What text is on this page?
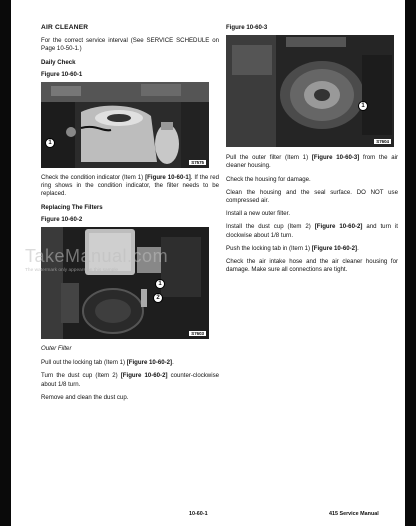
AIR CLEANER
For the correct service interval (See SERVICE SCHEDULE on Page 10-50-1.)
Daily Check
Figure 10-60-1
1
S7575
Check the condition indicator (Item 1) [Figure 10-60-1]. If the red ring shows in the condition indicator, the filter needs to be replaced.
Replacing The Filters
Figure 10-60-2
1
2
S7603
Outer Filter
Pull out the locking tab (Item 1) [Figure 10-60-2].
Turn the dust cup (Item 2) [Figure 10-60-2] counter-clockwise about 1/8 turn.
Remove and clean the dust cup.
Figure 10-60-3
1
S7604
Pull the outer filter (Item 1) [Figure 10-60-3] from the air cleaner housing.
Check the housing for damage.
Clean the housing and the seal surface. DO NOT use compressed air.
Install a new outer filter.
Install the dust cup (Item 2) [Figure 10-60-2] and turn it clockwise about 1/8 turn.
Push the locking tab in (Item 1) [Figure 10-60-2].
Check the air intake hose and the air cleaner housing for damage. Make sure all connections are tight.
10-60-1	415 Service Manual
TakeManual.com
The watermark only appears on this sample
